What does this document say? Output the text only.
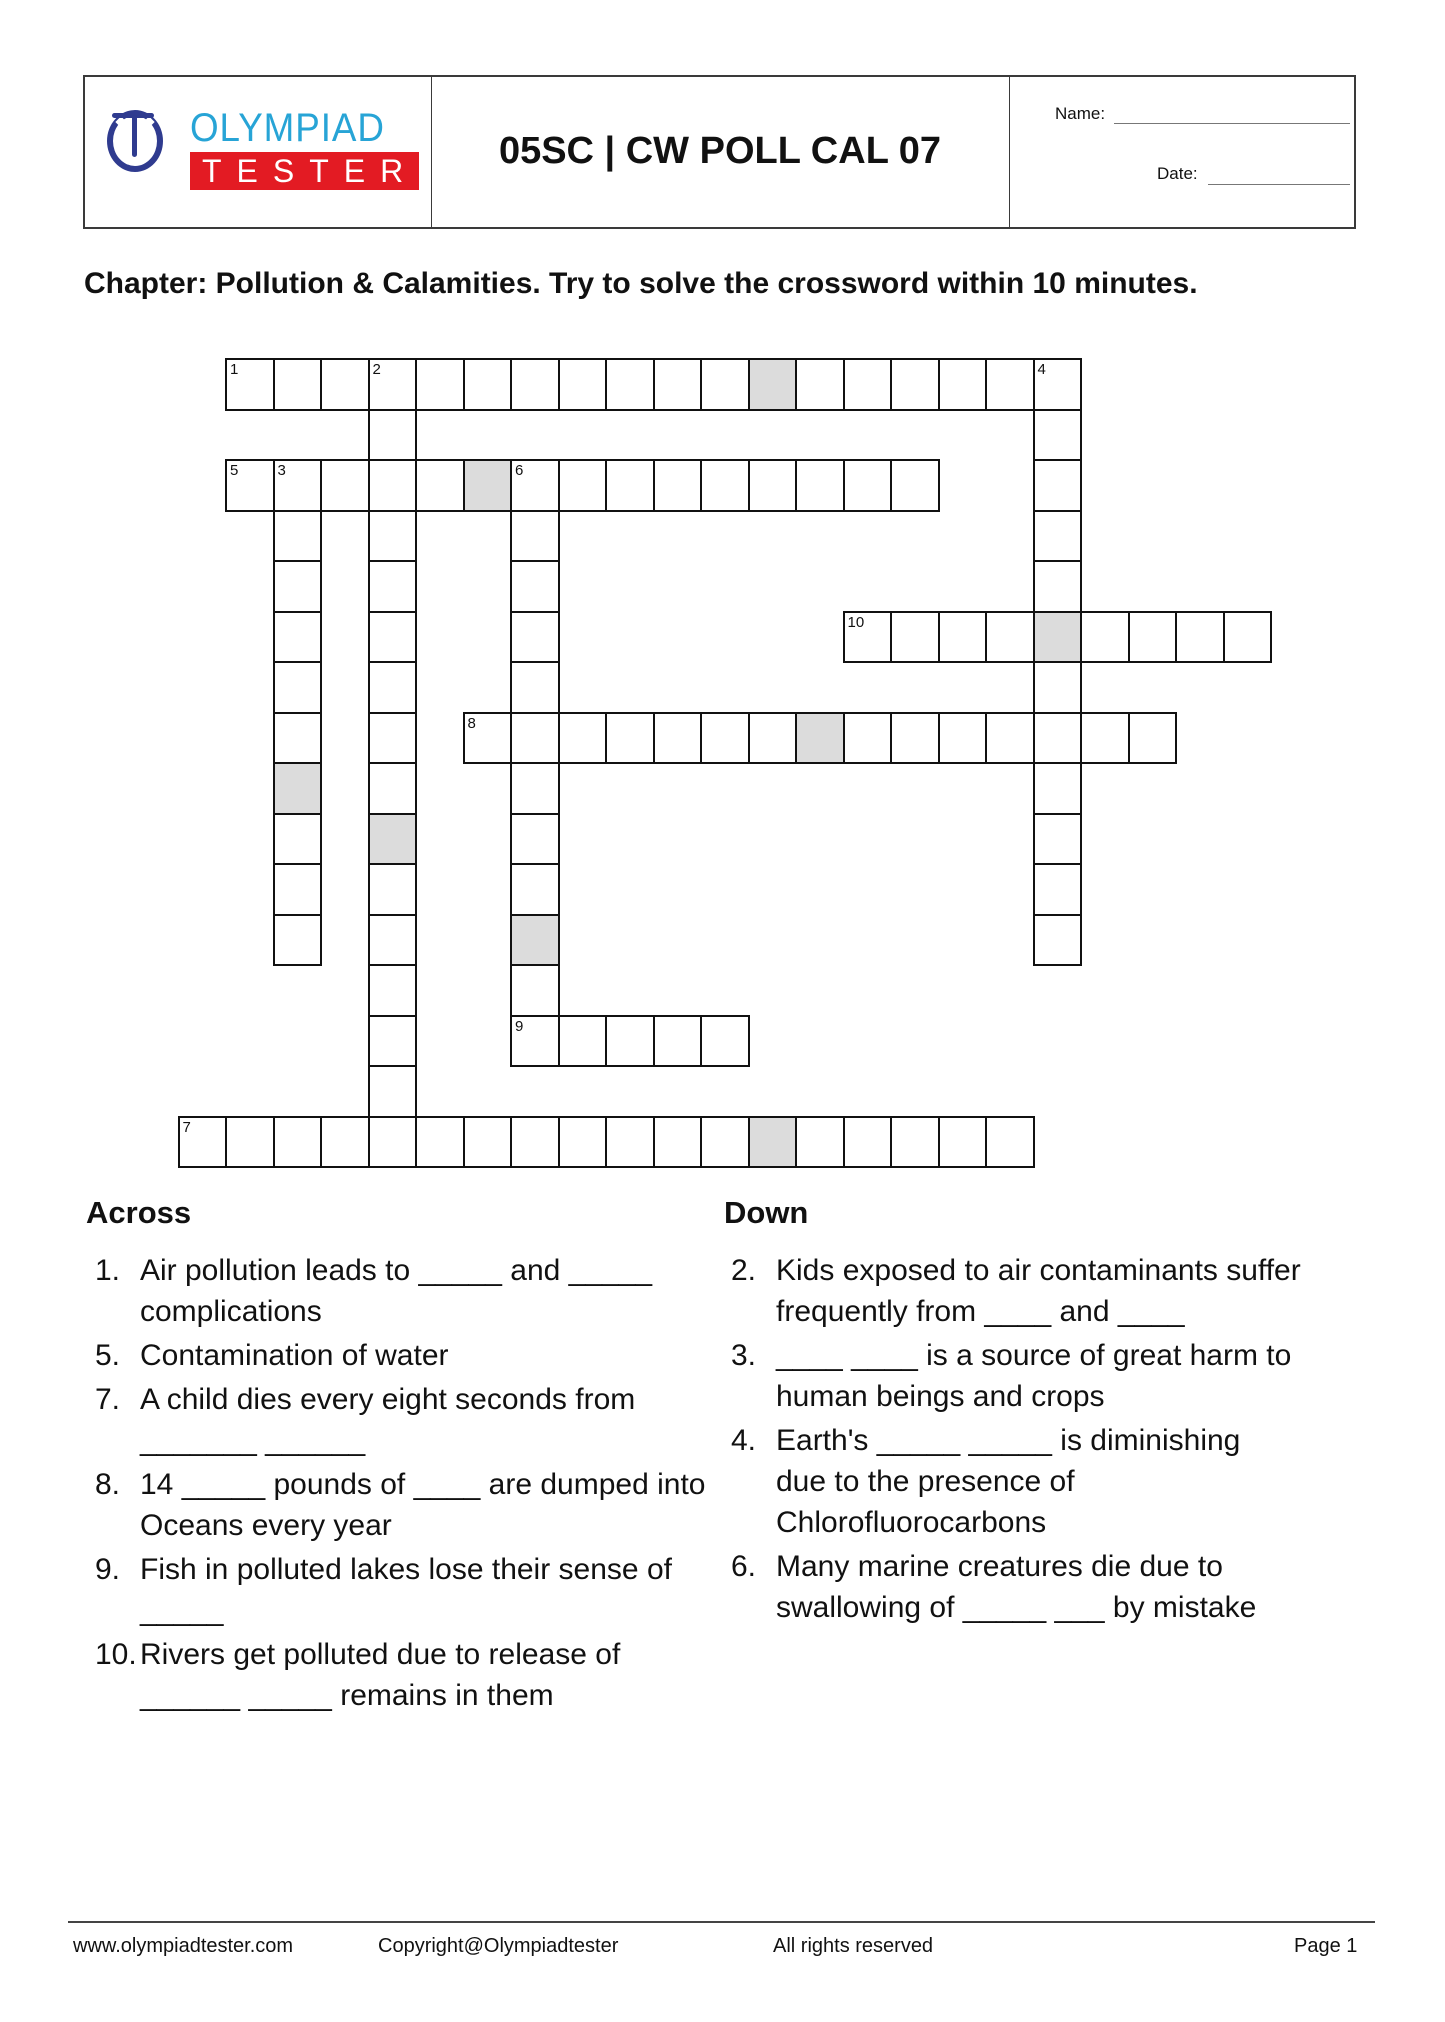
OLYMPIAD
TESTER	05SC | CW POLL CAL 07
Name:
Date:
Chapter: Pollution & Calamities. Try to solve the crossword within 10 minutes.
1	2	4
5	3	6
10
8
9
7
Across
1. Air pollution leads to _____ and _____ complications
5. Contamination of water
7. A child dies every eight seconds from _______ ______
8. 14 _____ pounds of ____ are dumped into Oceans every year
9. Fish in polluted lakes lose their sense of _____
10. Rivers get polluted due to release of ______ _____ remains in them
Down
2. Kids exposed to air contaminants suffer frequently from ____ and ____
3. ____ ____ is a source of great harm to human beings and crops
4. Earth's _____ _____ is diminishing due to the presence of Chlorofluorocarbons
6. Many marine creatures die due to swallowing of _____ ___ by mistake
www.olympiadtester.com	Copyright@Olympiadtester	All rights reserved	Page 1
